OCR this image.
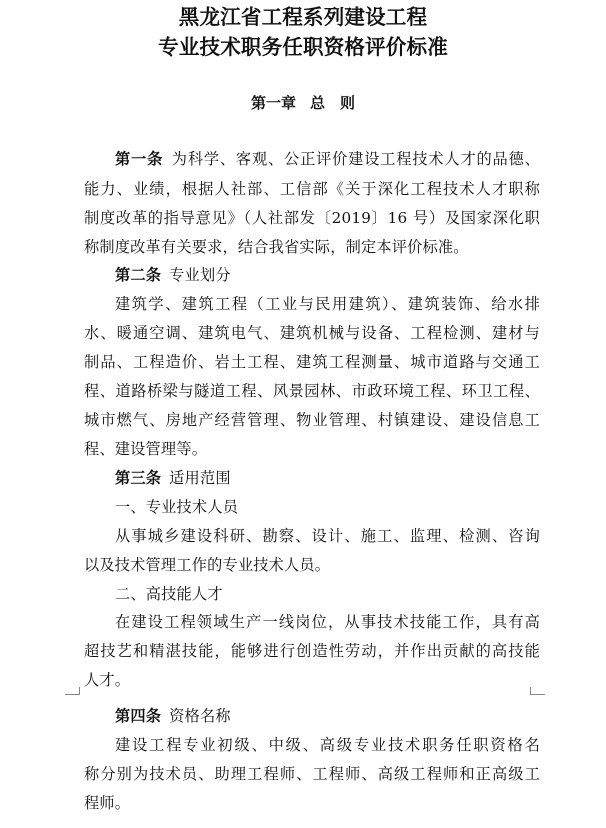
黑龙江省工程系列建设工程
专业技术职务任职资格评价标准
第一章 总　则
第一条 为科学、客观、公正评价建设工程技术人才的品德、
能力、业绩，根据人社部、工信部《关于深化工程技术人才职称
制度改革的指导意见》（人社部发〔2019〕16 号）及国家深化职
称制度改革有关要求，结合我省实际，制定本评价标准。
第二条 专业划分
建筑学、建筑工程（工业与民用建筑）、建筑装饰、给水排
水、暖通空调、建筑电气、建筑机械与设备、工程检测、建材与
制品、工程造价、岩土工程、建筑工程测量、城市道路与交通工
程、道路桥梁与隧道工程、风景园林、市政环境工程、环卫工程、
城市燃气、房地产经营管理、物业管理、村镇建设、建设信息工
程、建设管理等。
第三条 适用范围
一、专业技术人员
从事城乡建设科研、勘察、设计、施工、监理、检测、咨询
以及技术管理工作的专业技术人员。
二、高技能人才
在建设工程领域生产一线岗位，从事技术技能工作，具有高
超技艺和精湛技能，能够进行创造性劳动，并作出贡献的高技能
人才。
第四条 资格名称
建设工程专业初级、中级、高级专业技术职务任职资格名
称分别为技术员、助理工程师、工程师、高级工程师和正高级工
程师。
